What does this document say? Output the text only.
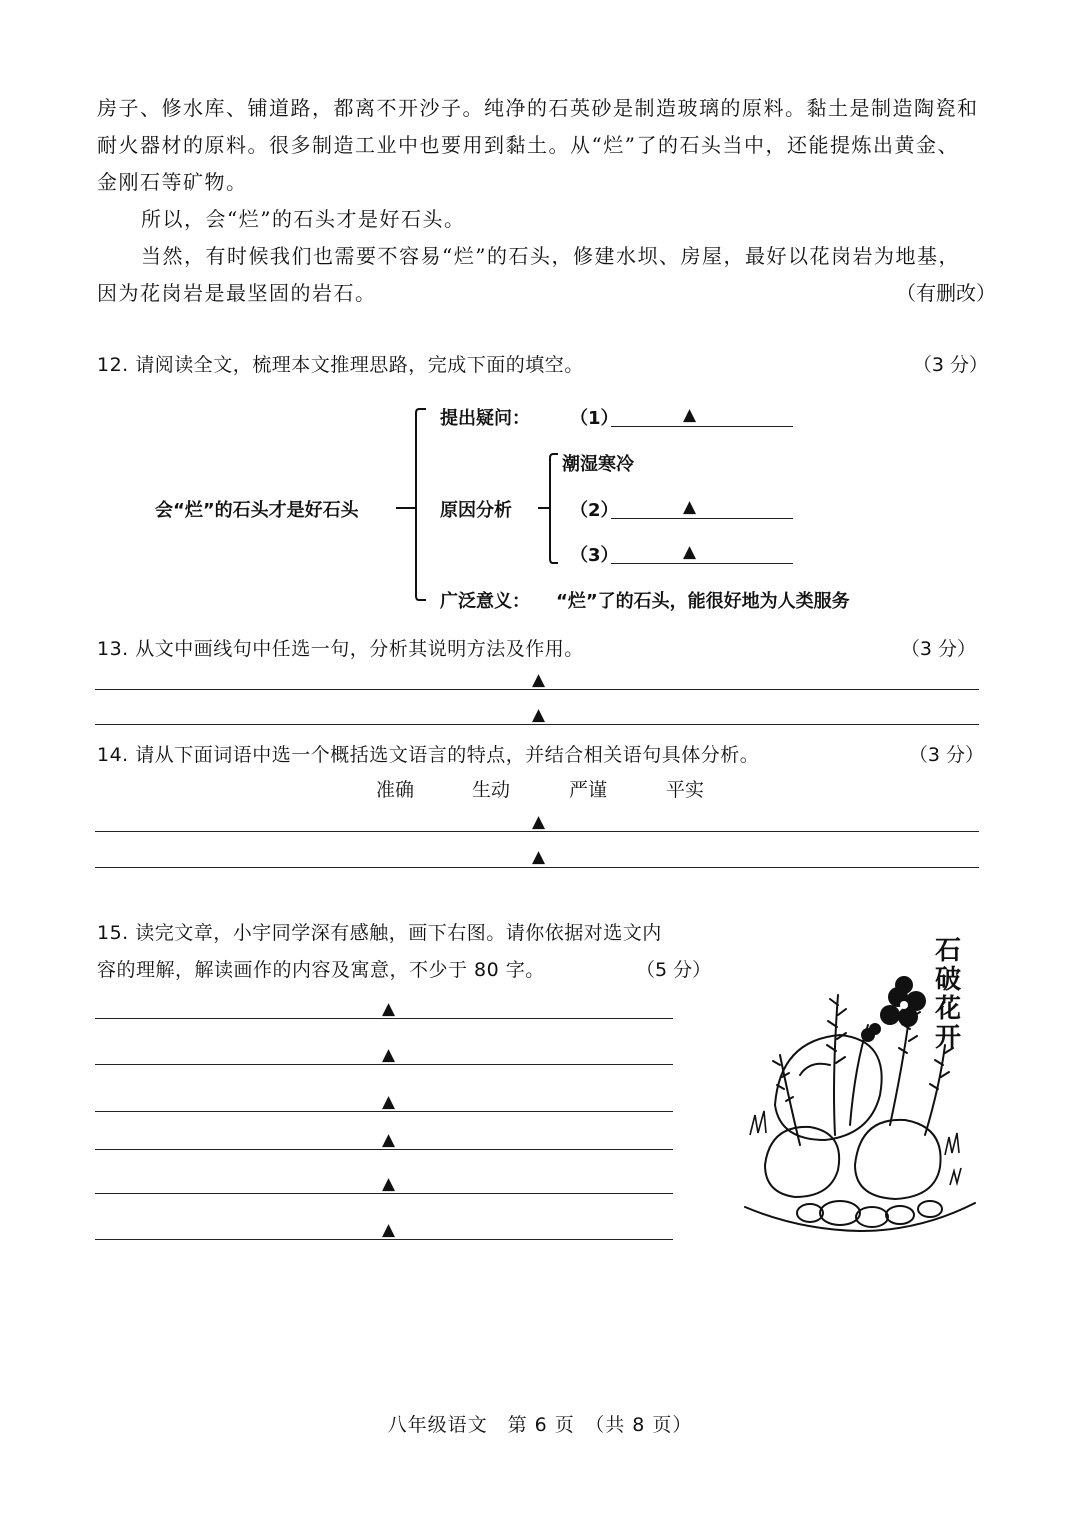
房子、修水库、铺道路，都离不开沙子。纯净的石英砂是制造玻璃的原料。黏土是制造陶瓷和
耐火器材的原料。很多制造工业中也要用到黏土。从“烂”了的石头当中，还能提炼出黄金、
金刚石等矿物。

所以，会“烂”的石头才是好石头。

当然，有时候我们也需要不容易“烂”的石头，修建水坝、房屋，最好以花岗岩为地基，
因为花岗岩是最坚固的岩石。	（有删改）
12. 请阅读全文，梳理本文推理思路，完成下面的填空。	（3 分）
会“烂”的石头才是好石头
提出疑问： （1）	▲
原因分析
潮湿寒冷
（2）	▲
（3）	▲
广泛意义： “烂”了的石头，能很好地为人类服务
13. 从文中画线句中任选一句，分析其说明方法及作用。	（3 分）
▲
▲
14. 请从下面词语中选一个概括选文语言的特点，并结合相关语句具体分析。	（3 分）
准确	生动	严谨	平实
▲
▲
15. 读完文章，小宇同学深有感触，画下右图。请你依据对选文内
容的理解，解读画作的内容及寓意，不少于 80 字。	（5 分）
▲
▲
▲
▲
▲
▲
石破花开
八年级语文　第 6 页　（共 8 页）
